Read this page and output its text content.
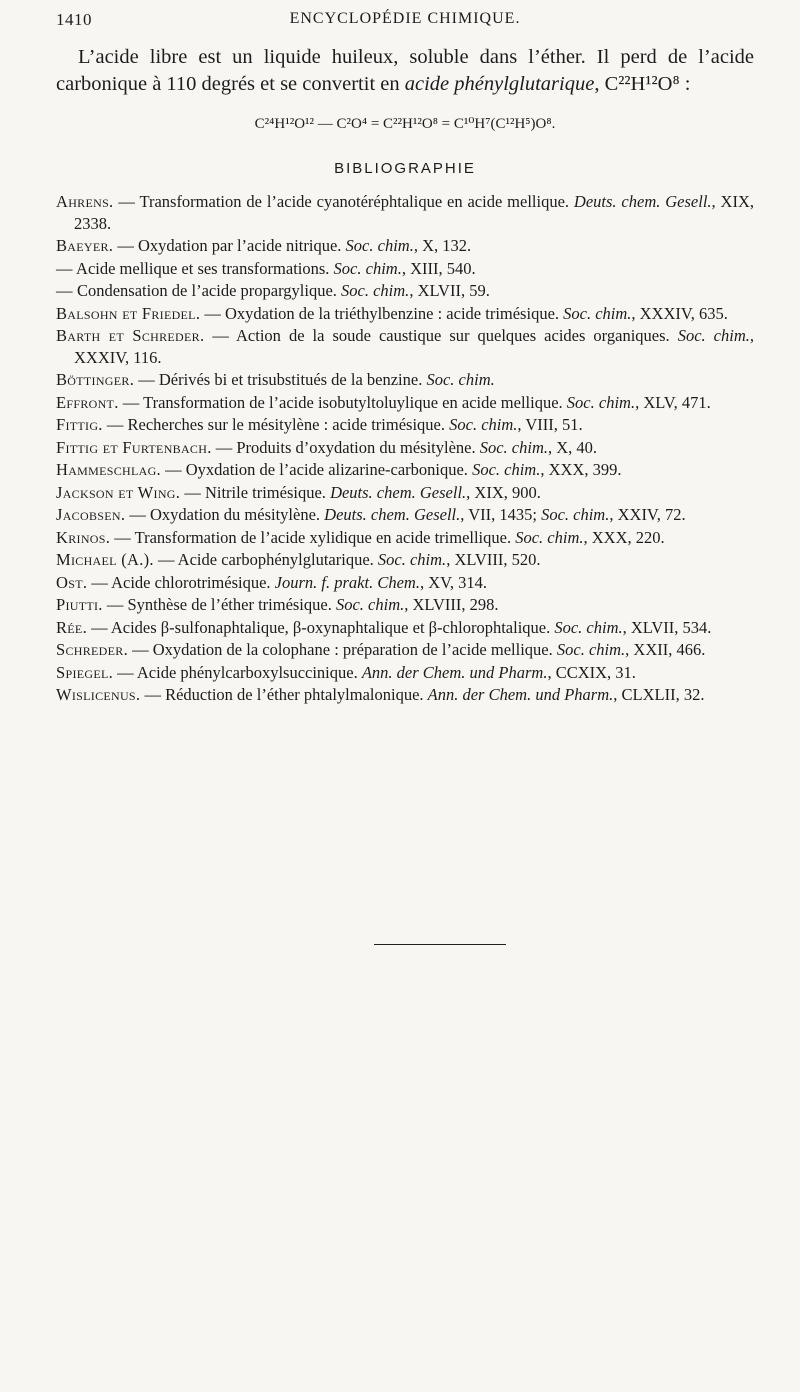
1410	ENCYCLOPÉDIE CHIMIQUE.

L’acide libre est un liquide huileux, soluble dans l’éther. Il perd de l’acide carbonique à 110 degrés et se convertit en acide phénylglutarique, C²²H¹²O⁸ :

C²⁴H¹²O¹² — C²O⁴ = C²²H¹²O⁸ = C¹⁰H⁷(C¹²H⁵)O⁸.
BIBLIOGRAPHIE
Ahrens. — Transformation de l’acide cyanotéréphtalique en acide mellique. Deuts. chem. Gesell., XIX, 2338.
Baeyer. — Oxydation par l’acide nitrique. Soc. chim., X, 132.
— Acide mellique et ses transformations. Soc. chim., XIII, 540.
— Condensation de l’acide propargylique. Soc. chim., XLVII, 59.
Balsohn et Friedel. — Oxydation de la triéthylbenzine : acide trimésique. Soc. chim., XXXIV, 635.
Barth et Schreder. — Action de la soude caustique sur quelques acides organiques. Soc. chim., XXXIV, 116.
Böttinger. — Dérivés bi et trisubstitués de la benzine. Soc. chim.
Effront. — Transformation de l’acide isobutyltoluylique en acide mellique. Soc. chim., XLV, 471.
Fittig. — Recherches sur le mésitylène : acide trimésique. Soc. chim., VIII, 51.
Fittig et Furtenbach. — Produits d’oxydation du mésitylène. Soc. chim., X, 40.
Hammeschlag. — Oyxdation de l’acide alizarine-carbonique. Soc. chim., XXX, 399.
Jackson et Wing. — Nitrile trimésique. Deuts. chem. Gesell., XIX, 900.
Jacobsen. — Oxydation du mésitylène. Deuts. chem. Gesell., VII, 1435; Soc. chim., XXIV, 72.
Krinos. — Transformation de l’acide xylidique en acide trimellique. Soc. chim., XXX, 220.
Michael (A.). — Acide carbophénylglutarique. Soc. chim., XLVIII, 520.
Ost. — Acide chlorotrimésique. Journ. f. prakt. Chem., XV, 314.
Piutti. — Synthèse de l’éther trimésique. Soc. chim., XLVIII, 298.
Rée. — Acides β-sulfonaphtalique, β-oxynaphtalique et β-chlorophtalique. Soc. chim., XLVII, 534.
Schreder. — Oxydation de la colophane : préparation de l’acide mellique. Soc. chim., XXII, 466.
Spiegel. — Acide phénylcarboxylsuccinique. Ann. der Chem. und Pharm., CCXIX, 31.
Wislicenus. — Réduction de l’éther phtalylmalonique. Ann. der Chem. und Pharm., CLXLII, 32.
